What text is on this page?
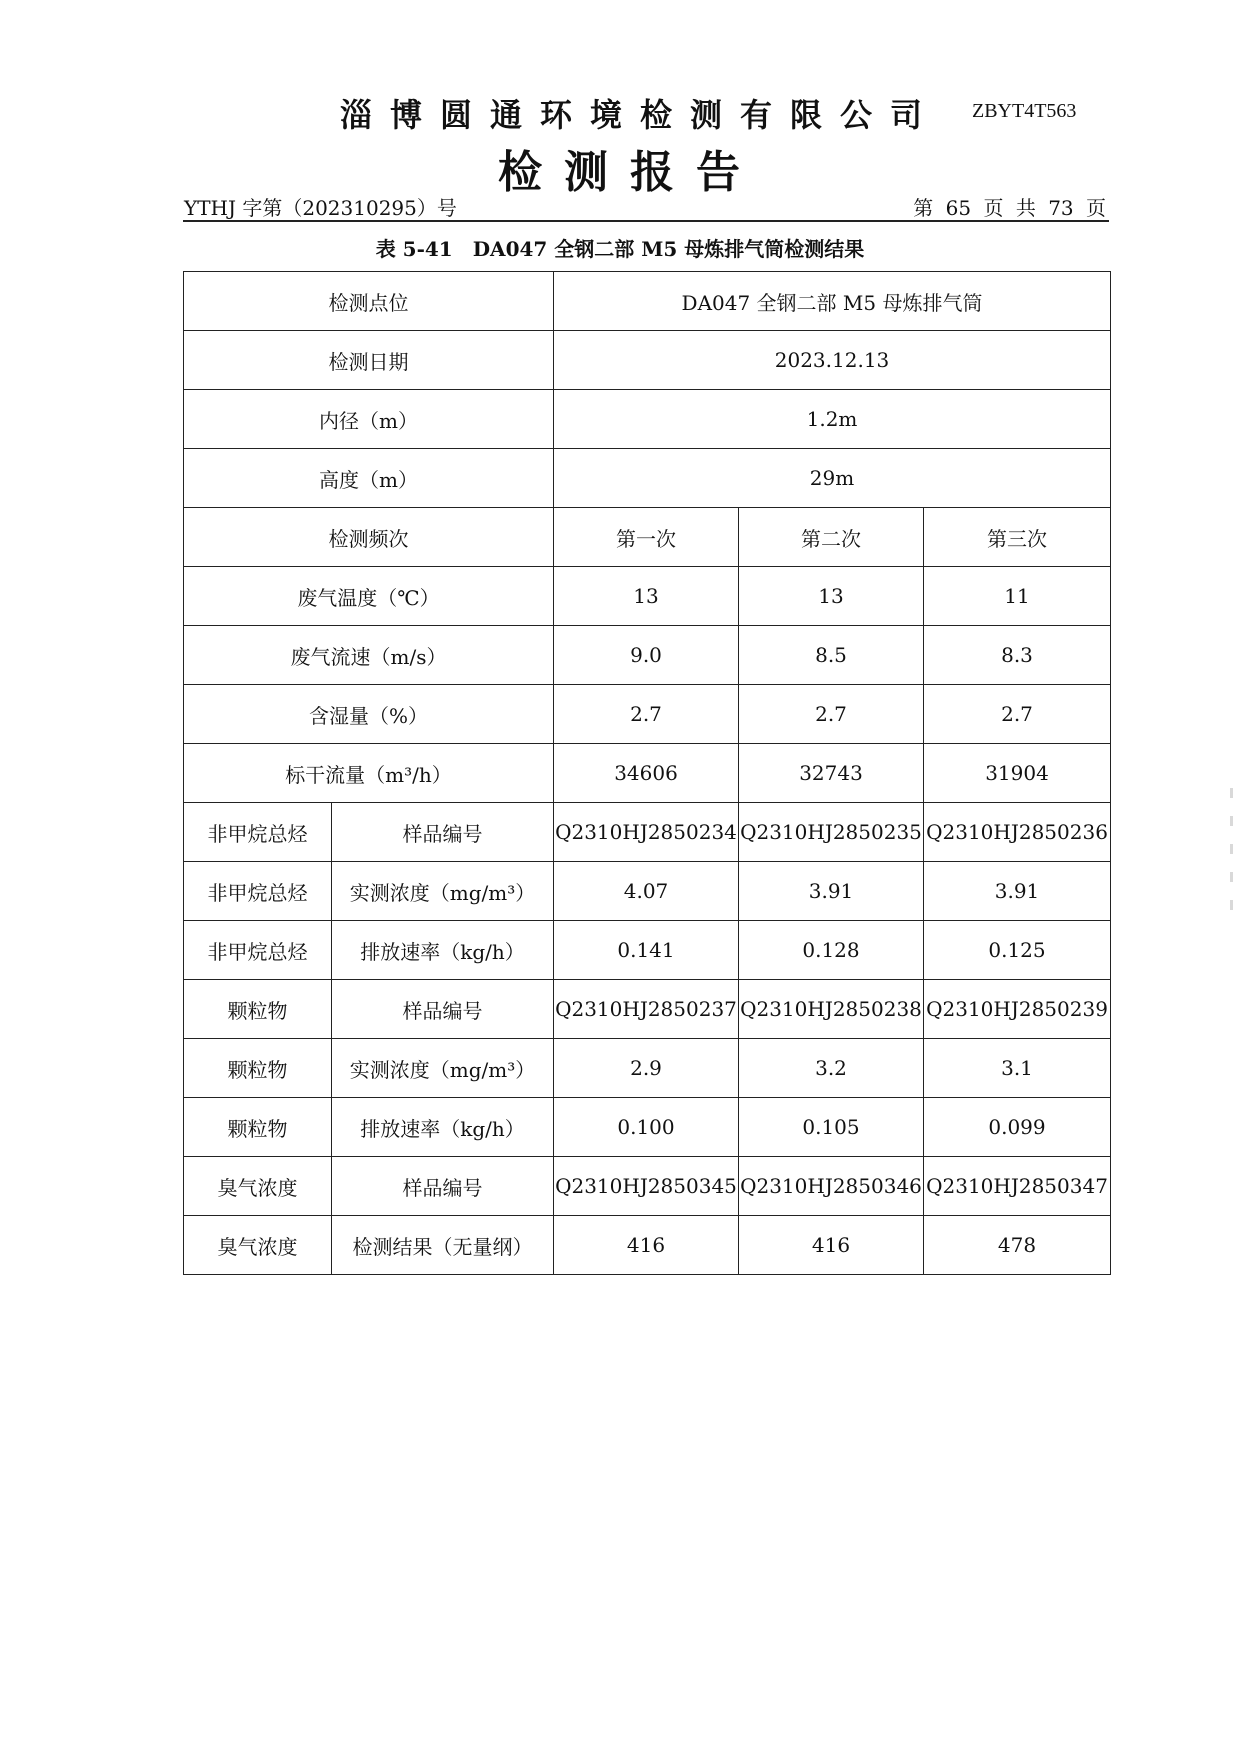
淄博圆通环境检测有限公司 ZBYT4T563
检测报告
YTHJ 字第（202310295）号	第 65 页 共 73 页
表 5-41　DA047 全钢二部 M5 母炼排气筒检测结果
检测点位		DA047 全钢二部 M5 母炼排气筒		
检测日期		2023.12.13		
内径（m）		1.2m		
高度（m）		29m		
检测频次		第一次	第二次	第三次
废气温度（℃）		13	13	11
废气流速（m/s）		9.0	8.5	8.3
含湿量（%）		2.7	2.7	2.7
标干流量（m³/h）		34606	32743	31904
非甲烷总烃	样品编号	Q2310HJ2850234	Q2310HJ2850235	Q2310HJ2850236
非甲烷总烃	实测浓度（mg/m³）	4.07	3.91	3.91
非甲烷总烃	排放速率（kg/h）	0.141	0.128	0.125
颗粒物	样品编号	Q2310HJ2850237	Q2310HJ2850238	Q2310HJ2850239
颗粒物	实测浓度（mg/m³）	2.9	3.2	3.1
颗粒物	排放速率（kg/h）	0.100	0.105	0.099
臭气浓度	样品编号	Q2310HJ2850345	Q2310HJ2850346	Q2310HJ2850347
臭气浓度	检测结果（无量纲）	416	416	478
